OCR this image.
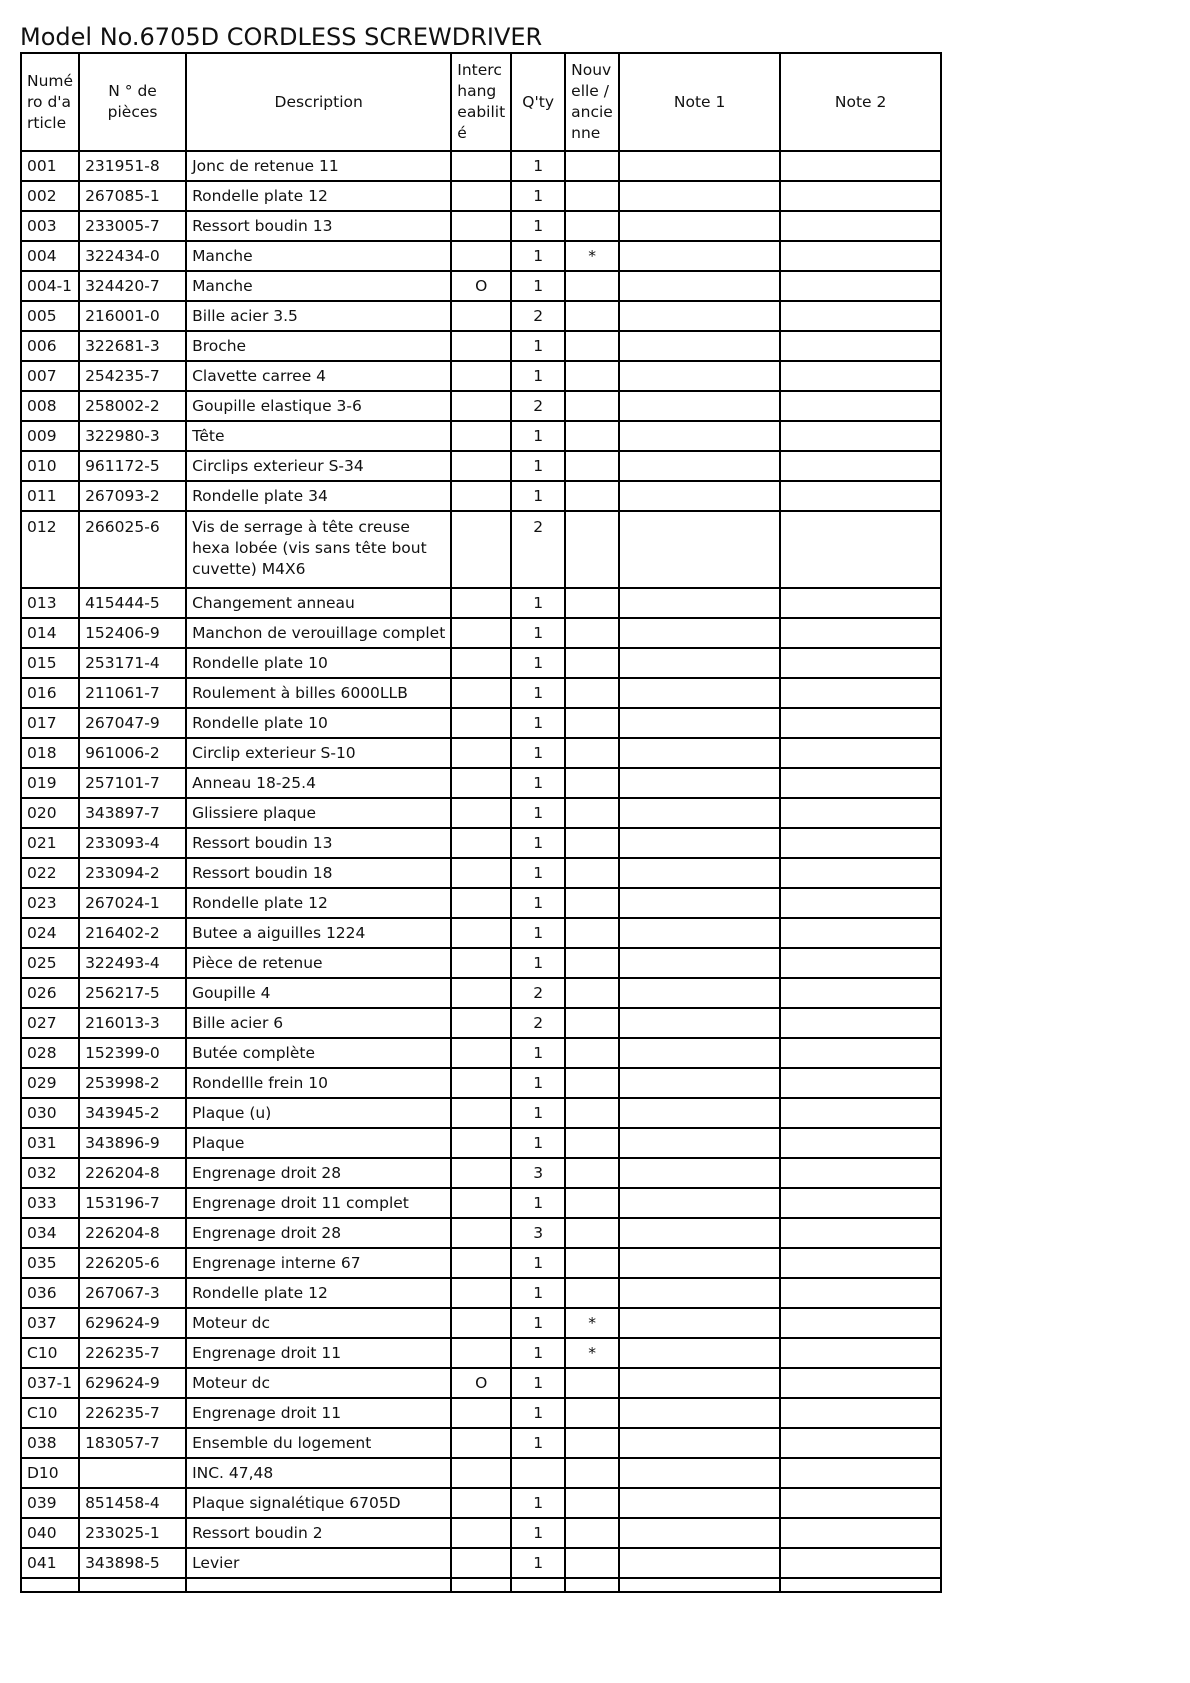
Model No.6705D CORDLESS SCREWDRIVER
Numé ro d'a rticle	N ° de pièces	Description	Interc hang eabilit é	Q'ty	Nouv elle / ancie nne	Note 1	Note 2
001	231951-8	Jonc de retenue 11		1			
002	267085-1	Rondelle plate 12		1			
003	233005-7	Ressort boudin 13		1			
004	322434-0	Manche		1	*		
004-1	324420-7	Manche	O	1			
005	216001-0	Bille acier 3.5		2			
006	322681-3	Broche		1			
007	254235-7	Clavette carree 4		1			
008	258002-2	Goupille elastique 3-6		2			
009	322980-3	Tête		1			
010	961172-5	Circlips exterieur S-34		1			
011	267093-2	Rondelle plate 34		1			
012	266025-6	Vis de serrage à tête creuse hexa lobée (vis sans tête bout cuvette) M4X6		2			
013	415444-5	Changement anneau		1			
014	152406-9	Manchon de verouillage complet		1			
015	253171-4	Rondelle plate 10		1			
016	211061-7	Roulement à billes 6000LLB		1			
017	267047-9	Rondelle plate 10		1			
018	961006-2	Circlip exterieur S-10		1			
019	257101-7	Anneau 18-25.4		1			
020	343897-7	Glissiere plaque		1			
021	233093-4	Ressort boudin 13		1			
022	233094-2	Ressort boudin 18		1			
023	267024-1	Rondelle plate 12		1			
024	216402-2	Butee a aiguilles 1224		1			
025	322493-4	Pièce de retenue		1			
026	256217-5	Goupille 4		2			
027	216013-3	Bille acier 6		2			
028	152399-0	Butée complète		1			
029	253998-2	Rondellle frein 10		1			
030	343945-2	Plaque (u)		1			
031	343896-9	Plaque		1			
032	226204-8	Engrenage droit 28		3			
033	153196-7	Engrenage droit 11 complet		1			
034	226204-8	Engrenage droit 28		3			
035	226205-6	Engrenage interne 67		1			
036	267067-3	Rondelle plate 12		1			
037	629624-9	Moteur dc		1	*		
C10	226235-7	Engrenage droit 11		1	*		
037-1	629624-9	Moteur dc	O	1			
C10	226235-7	Engrenage droit 11		1			
038	183057-7	Ensemble du logement		1			
D10		INC. 47,48					
039	851458-4	Plaque signalétique 6705D		1			
040	233025-1	Ressort boudin 2		1			
041	343898-5	Levier		1			
